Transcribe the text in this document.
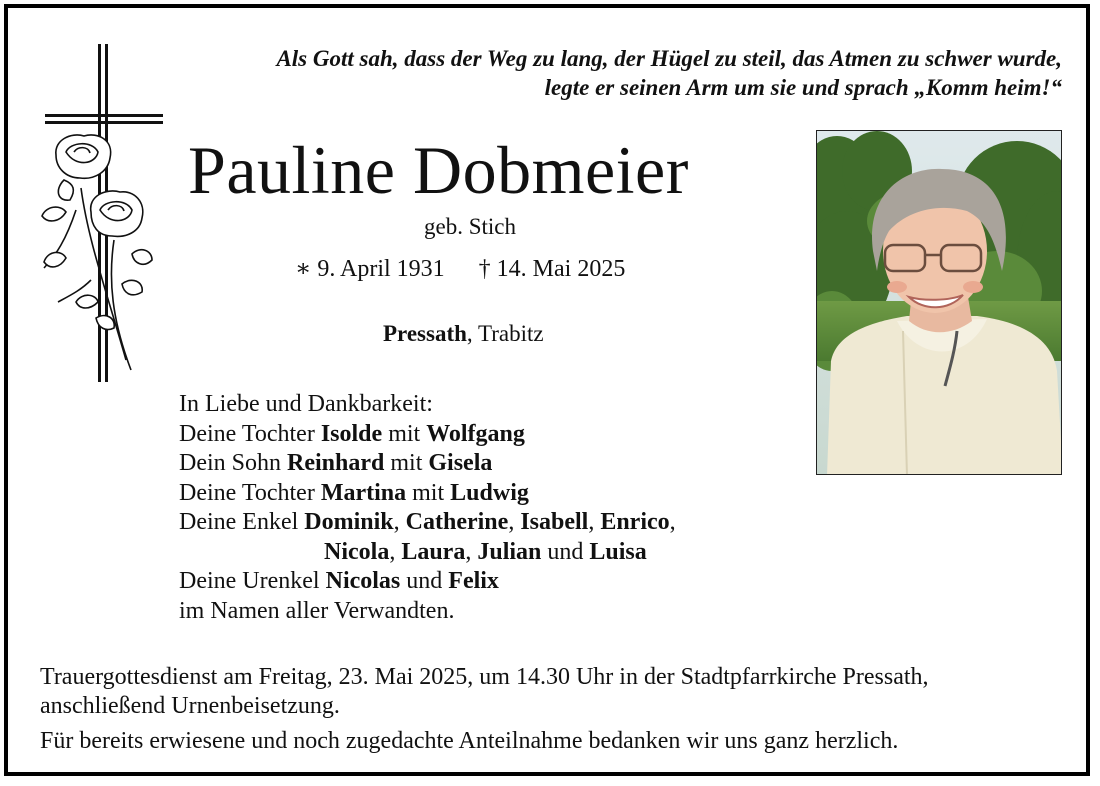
Als Gott sah, dass der Weg zu lang, der Hügel zu steil, das Atmen zu schwer wurde,
legte er seinen Arm um sie und sprach „Komm heim!“
Pauline Dobmeier
geb. Stich
∗ 9. April 1931 † 14. Mai 2025
Pressath, Trabitz
In Liebe und Dankbarkeit:
Deine Tochter Isolde mit Wolfgang
Dein Sohn Reinhard mit Gisela
Deine Tochter Martina mit Ludwig
Deine Enkel Dominik, Catherine, Isabell, Enrico,
Nicola, Laura, Julian und Luisa
Deine Urenkel Nicolas und Felix
im Namen aller Verwandten.
Trauergottesdienst am Freitag, 23. Mai 2025, um 14.30 Uhr in der Stadtpfarrkirche Pressath,
anschließend Urnenbeisetzung.
Für bereits erwiesene und noch zugedachte Anteilnahme bedanken wir uns ganz herzlich.
